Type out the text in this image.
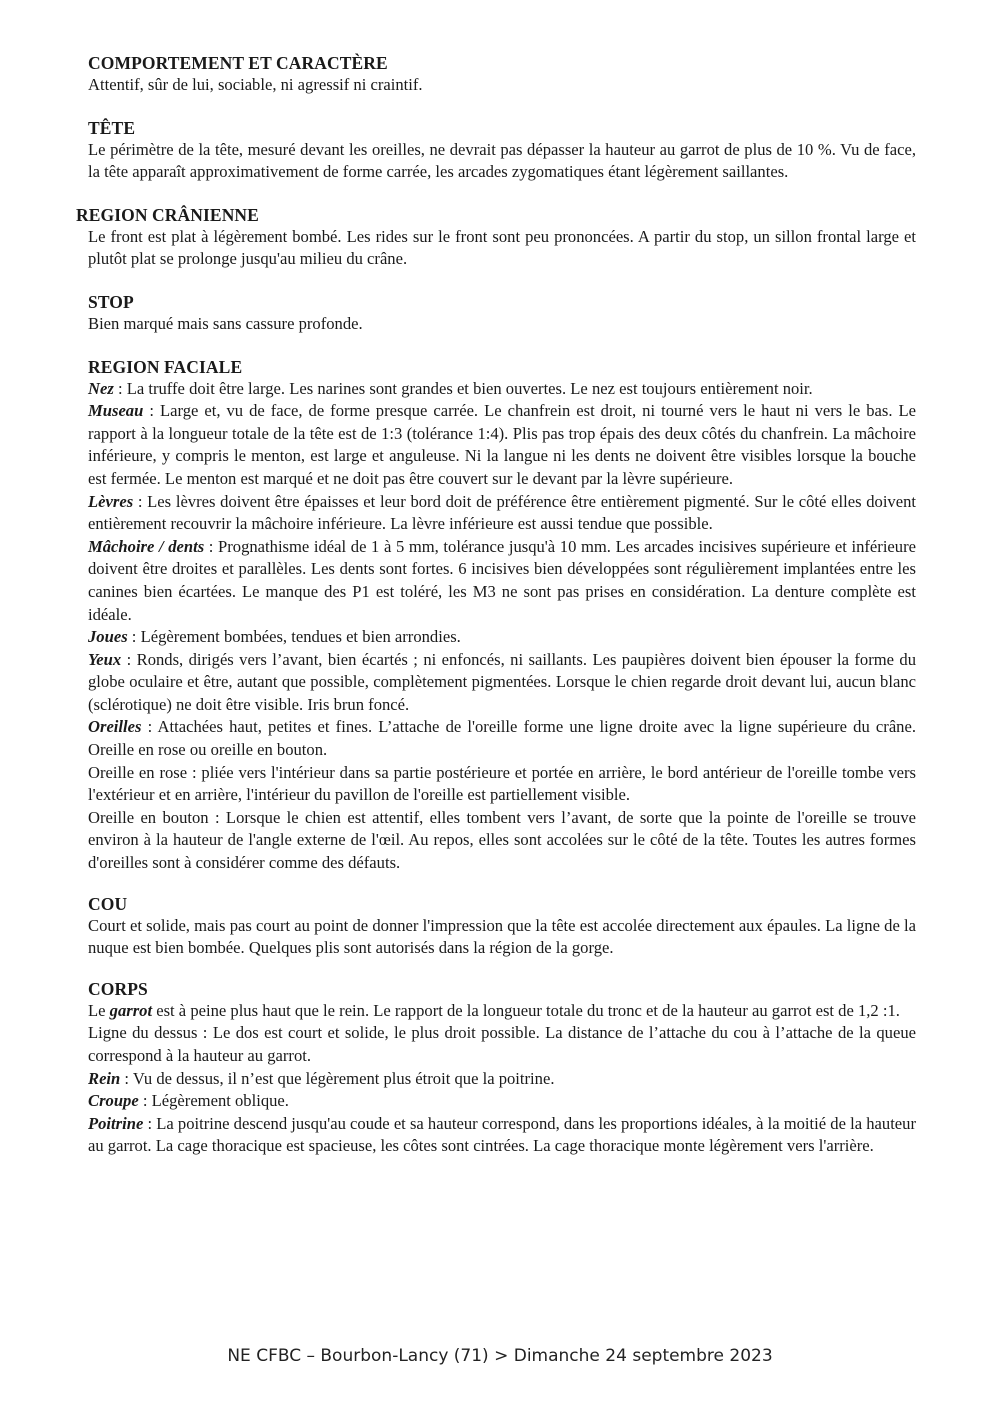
COMPORTEMENT ET CARACTÈRE

Attentif, sûr de lui, sociable, ni agressif ni craintif.

TÊTE

Le périmètre de la tête, mesuré devant les oreilles, ne devrait pas dépasser la hauteur au garrot de plus de 10 %. Vu de face, la tête apparaît approximativement de forme carrée, les arcades zygomatiques étant légèrement saillantes.

REGION CRÂNIENNE

Le front est plat à légèrement bombé. Les rides sur le front sont peu prononcées. A partir du stop, un sillon frontal large et plutôt plat se prolonge jusqu'au milieu du crâne.

STOP

Bien marqué mais sans cassure profonde.

REGION FACIALE

Nez : La truffe doit être large. Les narines sont grandes et bien ouvertes. Le nez est toujours entièrement noir.

Museau : Large et, vu de face, de forme presque carrée. Le chanfrein est droit, ni tourné vers le haut ni vers le bas. Le rapport à la longueur totale de la tête est de 1:3 (tolérance 1:4). Plis pas trop épais des deux côtés du chanfrein. La mâchoire inférieure, y compris le menton, est large et anguleuse. Ni la langue ni les dents ne doivent être visibles lorsque la bouche est fermée. Le menton est marqué et ne doit pas être couvert sur le devant par la lèvre supérieure.

Lèvres : Les lèvres doivent être épaisses et leur bord doit de préférence être entièrement pigmenté. Sur le côté elles doivent entièrement recouvrir la mâchoire inférieure. La lèvre inférieure est aussi tendue que possible.

Mâchoire / dents : Prognathisme idéal de 1 à 5 mm, tolérance jusqu'à 10 mm. Les arcades incisives supérieure et inférieure doivent être droites et parallèles. Les dents sont fortes. 6 incisives bien développées sont régulièrement implantées entre les canines bien écartées. Le manque des P1 est toléré, les M3 ne sont pas prises en considération. La denture complète est idéale.

Joues : Légèrement bombées, tendues et bien arrondies.

Yeux : Ronds, dirigés vers l’avant, bien écartés ; ni enfoncés, ni saillants. Les paupières doivent bien épouser la forme du globe oculaire et être, autant que possible, complètement pigmentées. Lorsque le chien regarde droit devant lui, aucun blanc (sclérotique) ne doit être visible. Iris brun foncé.

Oreilles : Attachées haut, petites et fines. L’attache de l'oreille forme une ligne droite avec la ligne supérieure du crâne. Oreille en rose ou oreille en bouton.

Oreille en rose : pliée vers l'intérieur dans sa partie postérieure et portée en arrière, le bord antérieur de l'oreille tombe vers l'extérieur et en arrière, l'intérieur du pavillon de l'oreille est partiellement visible.

Oreille en bouton : Lorsque le chien est attentif, elles tombent vers l’avant, de sorte que la pointe de l'oreille se trouve environ à la hauteur de l'angle externe de l'œil. Au repos, elles sont accolées sur le côté de la tête. Toutes les autres formes d'oreilles sont à considérer comme des défauts.

COU

Court et solide, mais pas court au point de donner l'impression que la tête est accolée directement aux épaules. La ligne de la nuque est bien bombée. Quelques plis sont autorisés dans la région de la gorge.

CORPS

Le garrot est à peine plus haut que le rein. Le rapport de la longueur totale du tronc et de la hauteur au garrot est de 1,2 :1.

Ligne du dessus : Le dos est court et solide, le plus droit possible. La distance de l’attache du cou à l’attache de la queue correspond à la hauteur au garrot.

Rein : Vu de dessus, il n’est que légèrement plus étroit que la poitrine.

Croupe : Légèrement oblique.

Poitrine : La poitrine descend jusqu'au coude et sa hauteur correspond, dans les proportions idéales, à la moitié de la hauteur au garrot. La cage thoracique est spacieuse, les côtes sont cintrées. La cage thoracique monte légèrement vers l'arrière.

NE CFBC – Bourbon-Lancy (71) > Dimanche 24 septembre 2023
